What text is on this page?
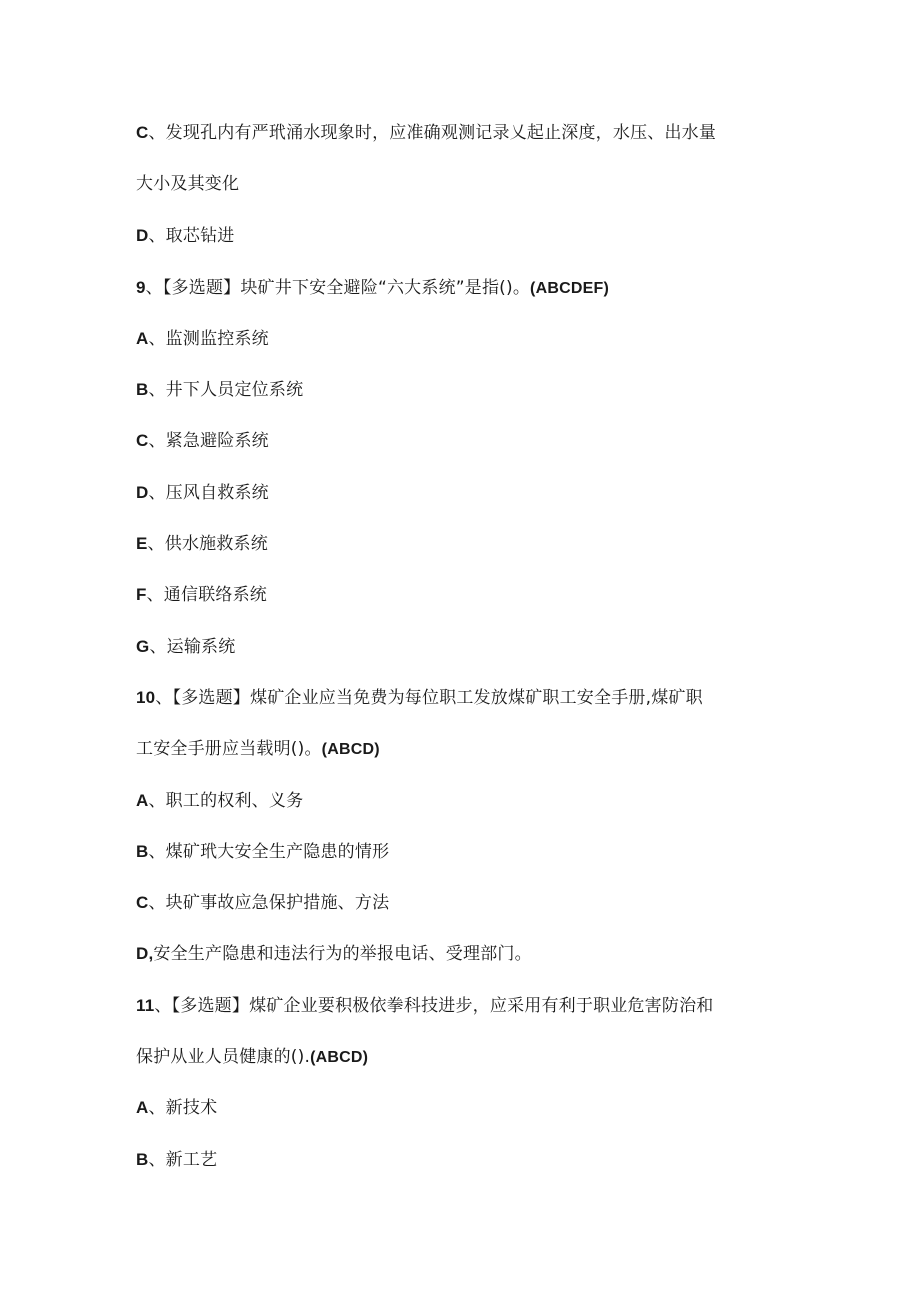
C、发现孔内有严玳涌水现象时，应准确观测记录乂起止深度，水压、出水量
大小及其变化
D、取芯钻进
9、【多选题】块矿井下安全避险“六大系统”是指()。(ABCDEF)
A、监测监控系统
B、井下人员定位系统
C、紧急避险系统
D、压风自救系统
E、供水施救系统
F、通信联络系统
G、运输系统
10、【多选题】煤矿企业应当免费为每位职工发放煤矿职工安全手册,煤矿职
工安全手册应当载明()。(ABCD)
A、职工的权利、义务
B、煤矿玳大安全生产隐患的情形
C、块矿事故应急保护措施、方法
D,安全生产隐患和违法行为的举报电话、受理部门。
11、【多选题】煤矿企业要积极依拳科技进步，应采用有利于职业危害防治和
保护从业人员健康的().(ABCD)
A、新技术
B、新工艺
